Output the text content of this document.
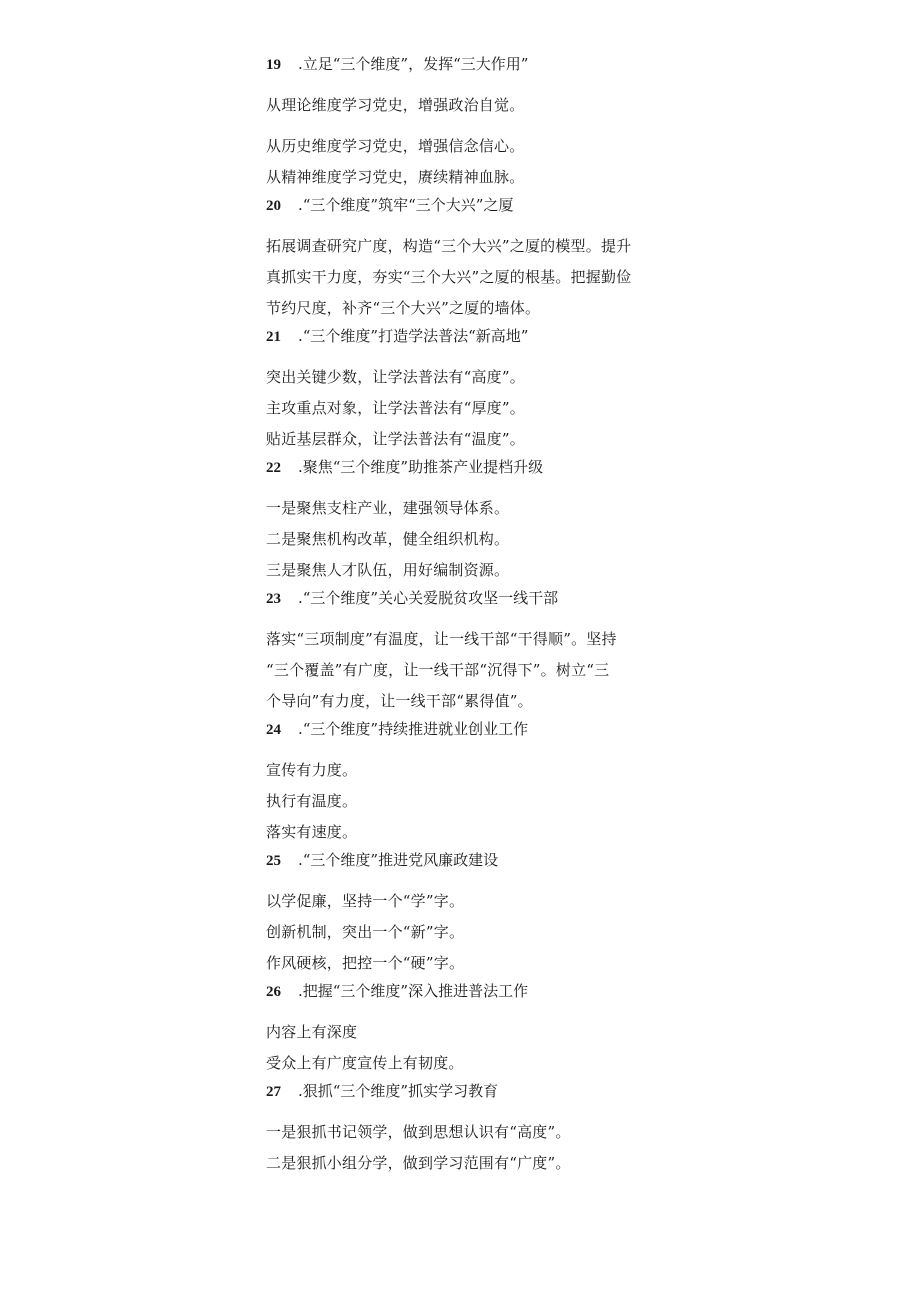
19 .立足“三个维度”，发挥“三大作用”
从理论维度学习党史，增强政治自觉。
从历史维度学习党史，增强信念信心。
从精神维度学习党史，赓续精神血脉。
20 .“三个维度”筑牢“三个大兴”之厦
拓展调查研究广度，构造“三个大兴”之厦的模型。提升
真抓实干力度，夯实“三个大兴”之厦的根基。把握勤俭
节约尺度，补齐“三个大兴”之厦的墙体。
21 .“三个维度”打造学法普法“新高地”
突出关键少数，让学法普法有“高度”。
主攻重点对象，让学法普法有“厚度”。
贴近基层群众，让学法普法有“温度”。
22 .聚焦“三个维度”助推茶产业提档升级
一是聚焦支柱产业，建强领导体系。
二是聚焦机构改革，健全组织机构。
三是聚焦人才队伍，用好编制资源。
23 .“三个维度”关心关爱脱贫攻坚一线干部
落实“三项制度”有温度，让一线干部“干得顺”。坚持
“三个覆盖”有广度，让一线干部“沉得下”。树立“三
个导向”有力度，让一线干部“累得值”。
24 .“三个维度”持续推进就业创业工作
宣传有力度。
执行有温度。
落实有速度。
25 .“三个维度”推进党风廉政建设
以学促廉，坚持一个“学”字。
创新机制，突出一个“新”字。
作风硬核，把控一个“硬”字。
26 .把握“三个维度”深入推进普法工作
内容上有深度
受众上有广度宣传上有韧度。
27 .狠抓“三个维度”抓实学习教育
一是狠抓书记领学，做到思想认识有“高度”。
二是狠抓小组分学，做到学习范围有“广度”。
